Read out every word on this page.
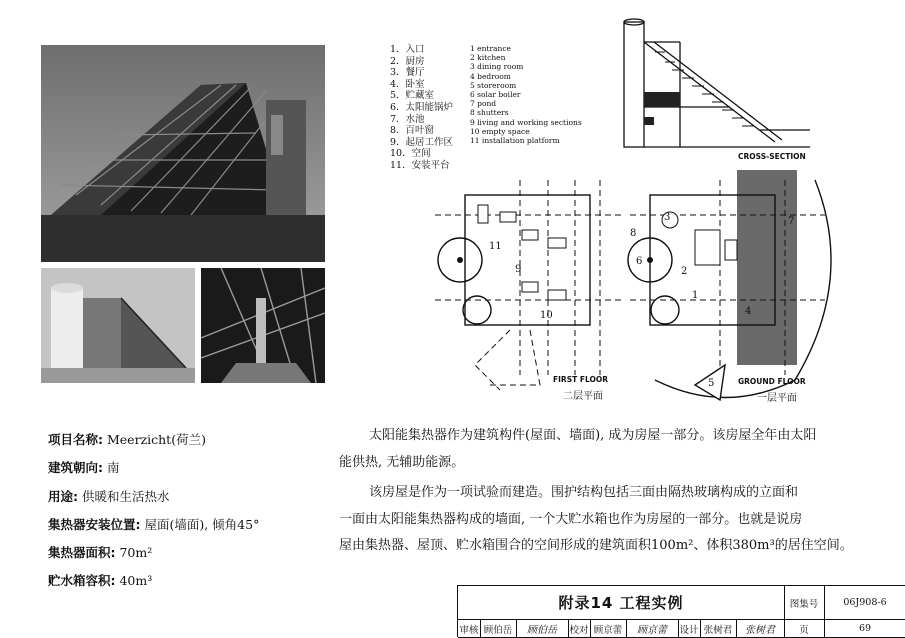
1．入口
2．厨房
3．餐厅
4．卧室
5．贮藏室
6．太阳能锅炉
7．水池
8．百叶窗
9．起居工作区
10．空间
11．安装平台
1 entrance
2 kitchen
3 dining room
4 bedroom
5 storeroom
6 solar boiler
7 pond
8 shutters
9 living and working sections
10 empty space
11 installation platform
CROSS-SECTION
FIRST FLOOR
二层平面
9
10
11
GROUND FLOOR
一层平面
1
2
3
4
5
6
7
8
项目名称: Meerzicht(荷兰)
建筑朝向: 南
用途: 供暖和生活热水
集热器安装位置: 屋面(墙面), 倾角45°
集热器面积: 70m²
贮水箱容积: 40m³
太阳能集热器作为建筑构件(屋面、墙面), 成为房屋一部分。该房屋全年由太阳
能供热, 无辅助能源。
该房屋是作为一项试验而建造。围护结构包括三面由隔热玻璃构成的立面和
一面由太阳能集热器构成的墙面, 一个大贮水箱也作为房屋的一部分。也就是说房
屋由集热器、屋顶、贮水箱围合的空间形成的建筑面积100m²、体积380m³的居住空间。
附录14 工程实例	图集号	06J908-6
审核 顾伯岳	顾伯岳	校对 顾京蕾	顾京蕾	设计 张树君	张树君	页	69
